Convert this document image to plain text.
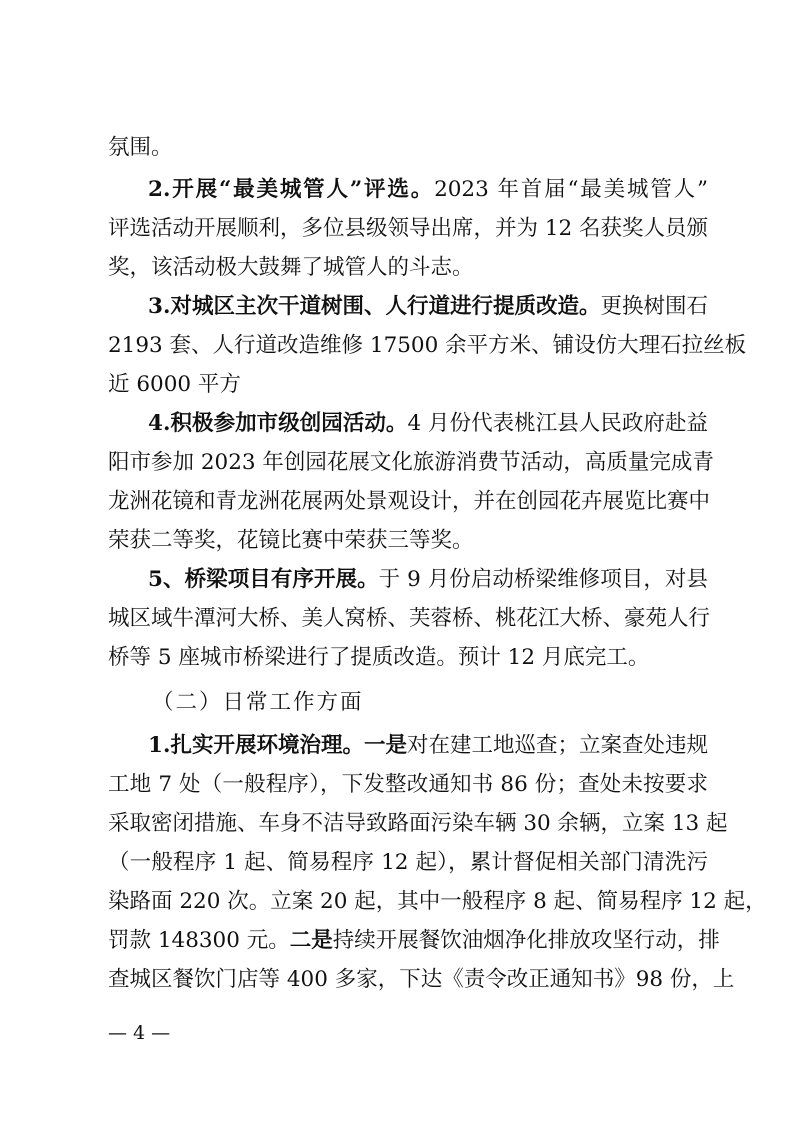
氛围。
2.开展“最美城管人”评选。2023 年首届“最美城管人”
评选活动开展顺利，多位县级领导出席，并为 12 名获奖人员颁
奖，该活动极大鼓舞了城管人的斗志。
3.对城区主次干道树围、人行道进行提质改造。更换树围石
2193 套、人行道改造维修 17500 余平方米、铺设仿大理石拉丝板
近 6000 平方
4.积极参加市级创园活动。4 月份代表桃江县人民政府赴益
阳市参加 2023 年创园花展文化旅游消费节活动，高质量完成青
龙洲花镜和青龙洲花展两处景观设计，并在创园花卉展览比赛中
荣获二等奖，花镜比赛中荣获三等奖。
5、桥梁项目有序开展。于 9 月份启动桥梁维修项目，对县
城区域牛潭河大桥、美人窝桥、芙蓉桥、桃花江大桥、豪苑人行
桥等 5 座城市桥梁进行了提质改造。预计 12 月底完工。
（二）日常工作方面
1.扎实开展环境治理。一是对在建工地巡查；立案查处违规
工地 7 处（一般程序），下发整改通知书 86 份；查处未按要求
采取密闭措施、车身不洁导致路面污染车辆 30 余辆，立案 13 起
（一般程序 1 起、简易程序 12 起），累计督促相关部门清洗污
染路面 220 次。立案 20 起，其中一般程序 8 起、简易程序 12 起，
罚款 148300 元。二是持续开展餐饮油烟净化排放攻坚行动，排
查城区餐饮门店等 400 多家，下达《责令改正通知书》98 份，上
— 4 —
